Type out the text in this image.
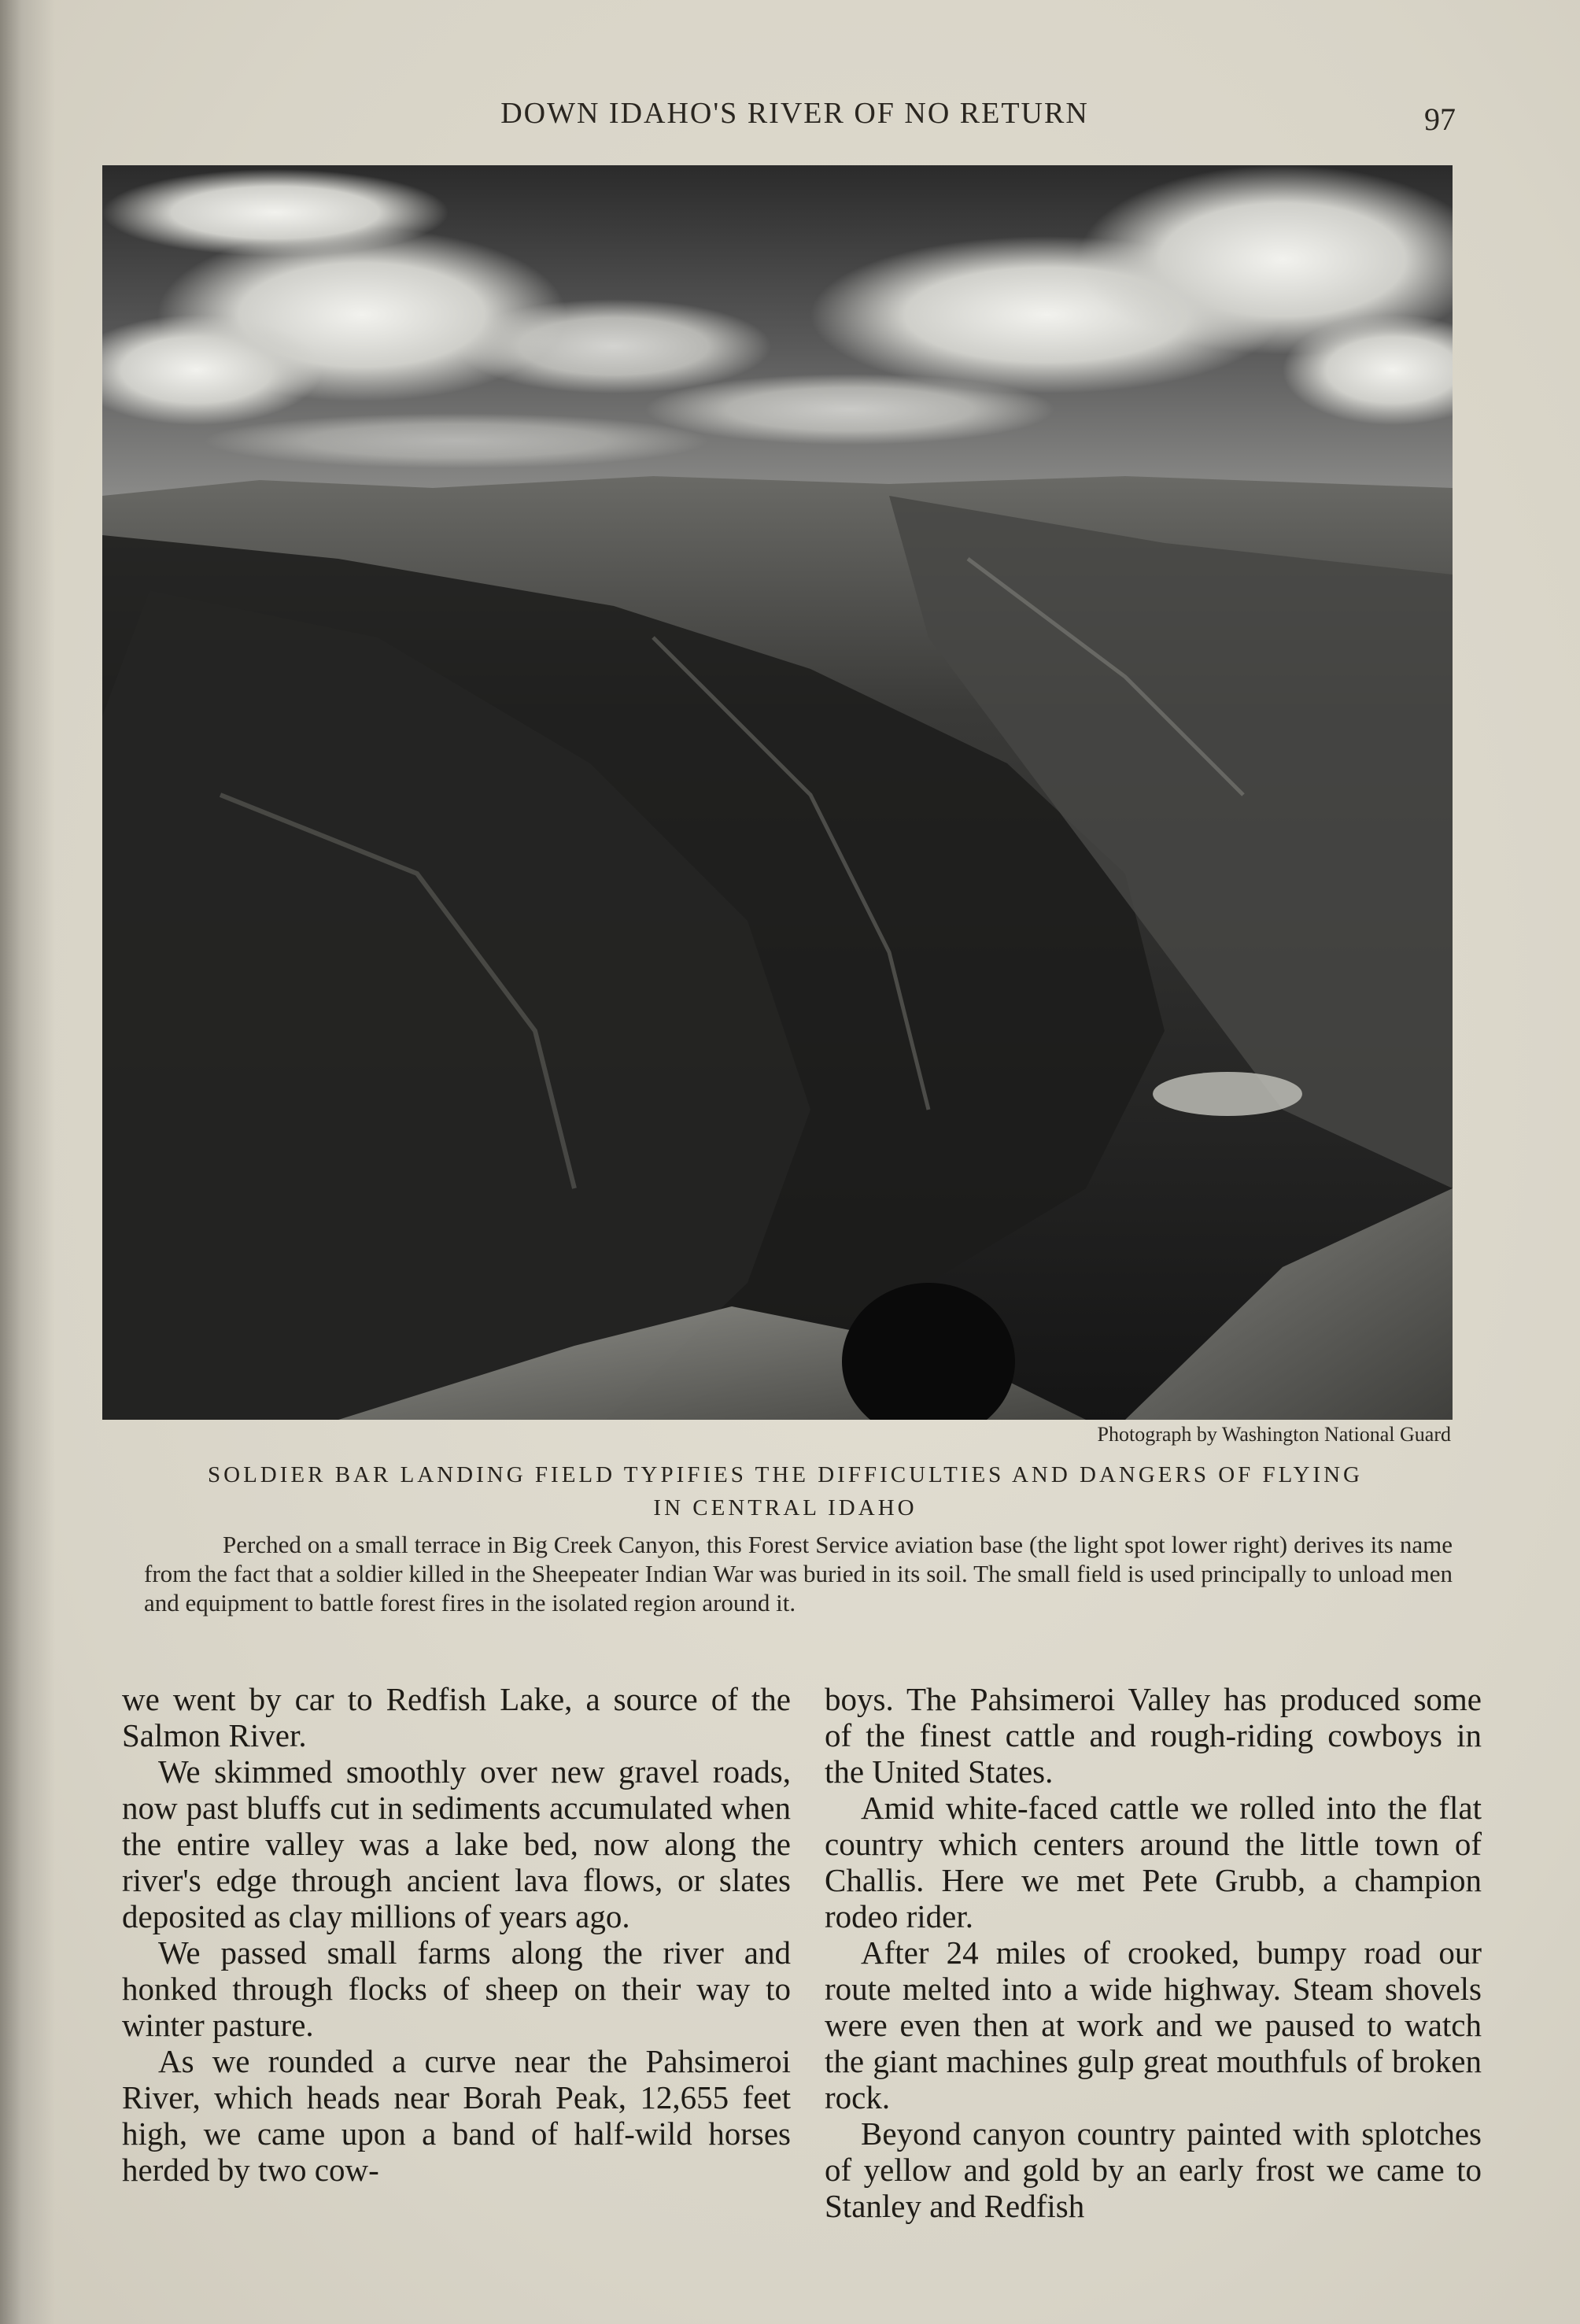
DOWN IDAHO'S RIVER OF NO RETURN	97
Photograph by Washington National Guard
SOLDIER BAR LANDING FIELD TYPIFIES THE DIFFICULTIES AND DANGERS OF FLYING
IN CENTRAL IDAHO

Perched on a small terrace in Big Creek Canyon, this Forest Service aviation base (the light spot lower right) derives its name from the fact that a soldier killed in the Sheepeater Indian War was buried in its soil. The small field is used principally to unload men and equipment to battle forest fires in the isolated region around it.

we went by car to Redfish Lake, a source of the Salmon River.

We skimmed smoothly over new gravel roads, now past bluffs cut in sediments accumulated when the entire valley was a lake bed, now along the river's edge through ancient lava flows, or slates deposited as clay millions of years ago.

We passed small farms along the river and honked through flocks of sheep on their way to winter pasture.

As we rounded a curve near the Pahsimeroi River, which heads near Borah Peak, 12,655 feet high, we came upon a band of half-wild horses herded by two cow-

boys. The Pahsimeroi Valley has produced some of the finest cattle and rough-riding cowboys in the United States.

Amid white-faced cattle we rolled into the flat country which centers around the little town of Challis. Here we met Pete Grubb, a champion rodeo rider.

After 24 miles of crooked, bumpy road our route melted into a wide highway. Steam shovels were even then at work and we paused to watch the giant machines gulp great mouthfuls of broken rock.

Beyond canyon country painted with splotches of yellow and gold by an early frost we came to Stanley and Redfish
